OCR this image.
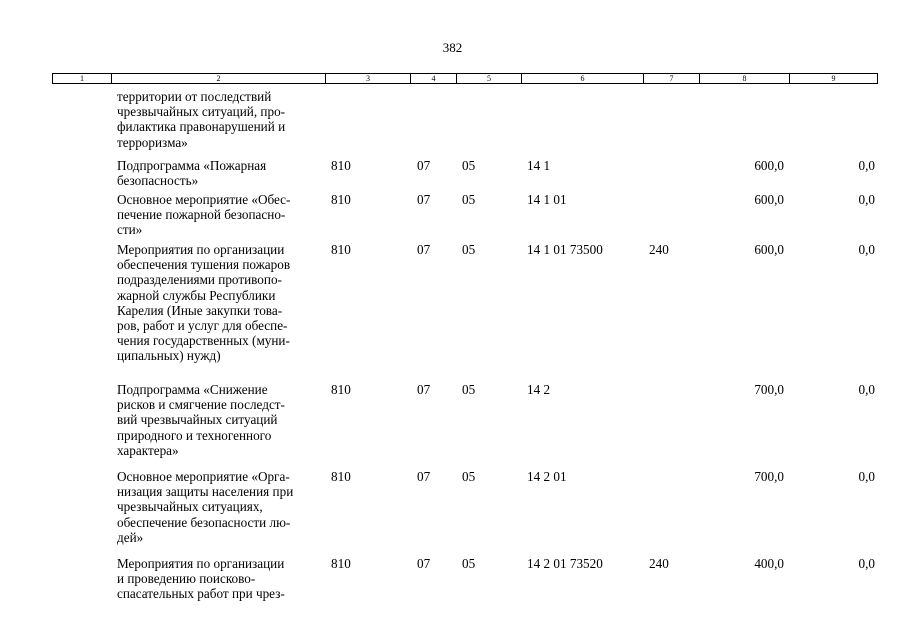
382
1	2	3	4	5	6	7	8	9
территории от последствий
чрезвычайных ситуаций, про-
филактика правонарушений и
терроризма»
Подпрограмма «Пожарная
безопасность»
810	07 05	14 1	600,0	0,0
Основное мероприятие «Обес-
печение пожарной безопасно-
сти»
810	07 05	14 1 01	600,0	0,0
Мероприятия по организации
обеспечения тушения пожаров
подразделениями противопо-
жарной службы Республики
Карелия (Иные закупки това-
ров, работ и услуг для обеспе-
чения государственных (муни-
ципальных) нужд)
810	07 05	14 1 01 73500	240	600,0	0,0
Подпрограмма «Снижение
рисков и смягчение последст-
вий чрезвычайных ситуаций
природного и техногенного
характера»
810	07 05	14 2	700,0	0,0
Основное мероприятие «Орга-
низация защиты населения при
чрезвычайных ситуациях,
обеспечение безопасности лю-
дей»
810	07 05	14 2 01	700,0	0,0
Мероприятия по организации
и проведению поисково-
спасательных работ при чрез-
810	07 05	14 2 01 73520	240	400,0	0,0
